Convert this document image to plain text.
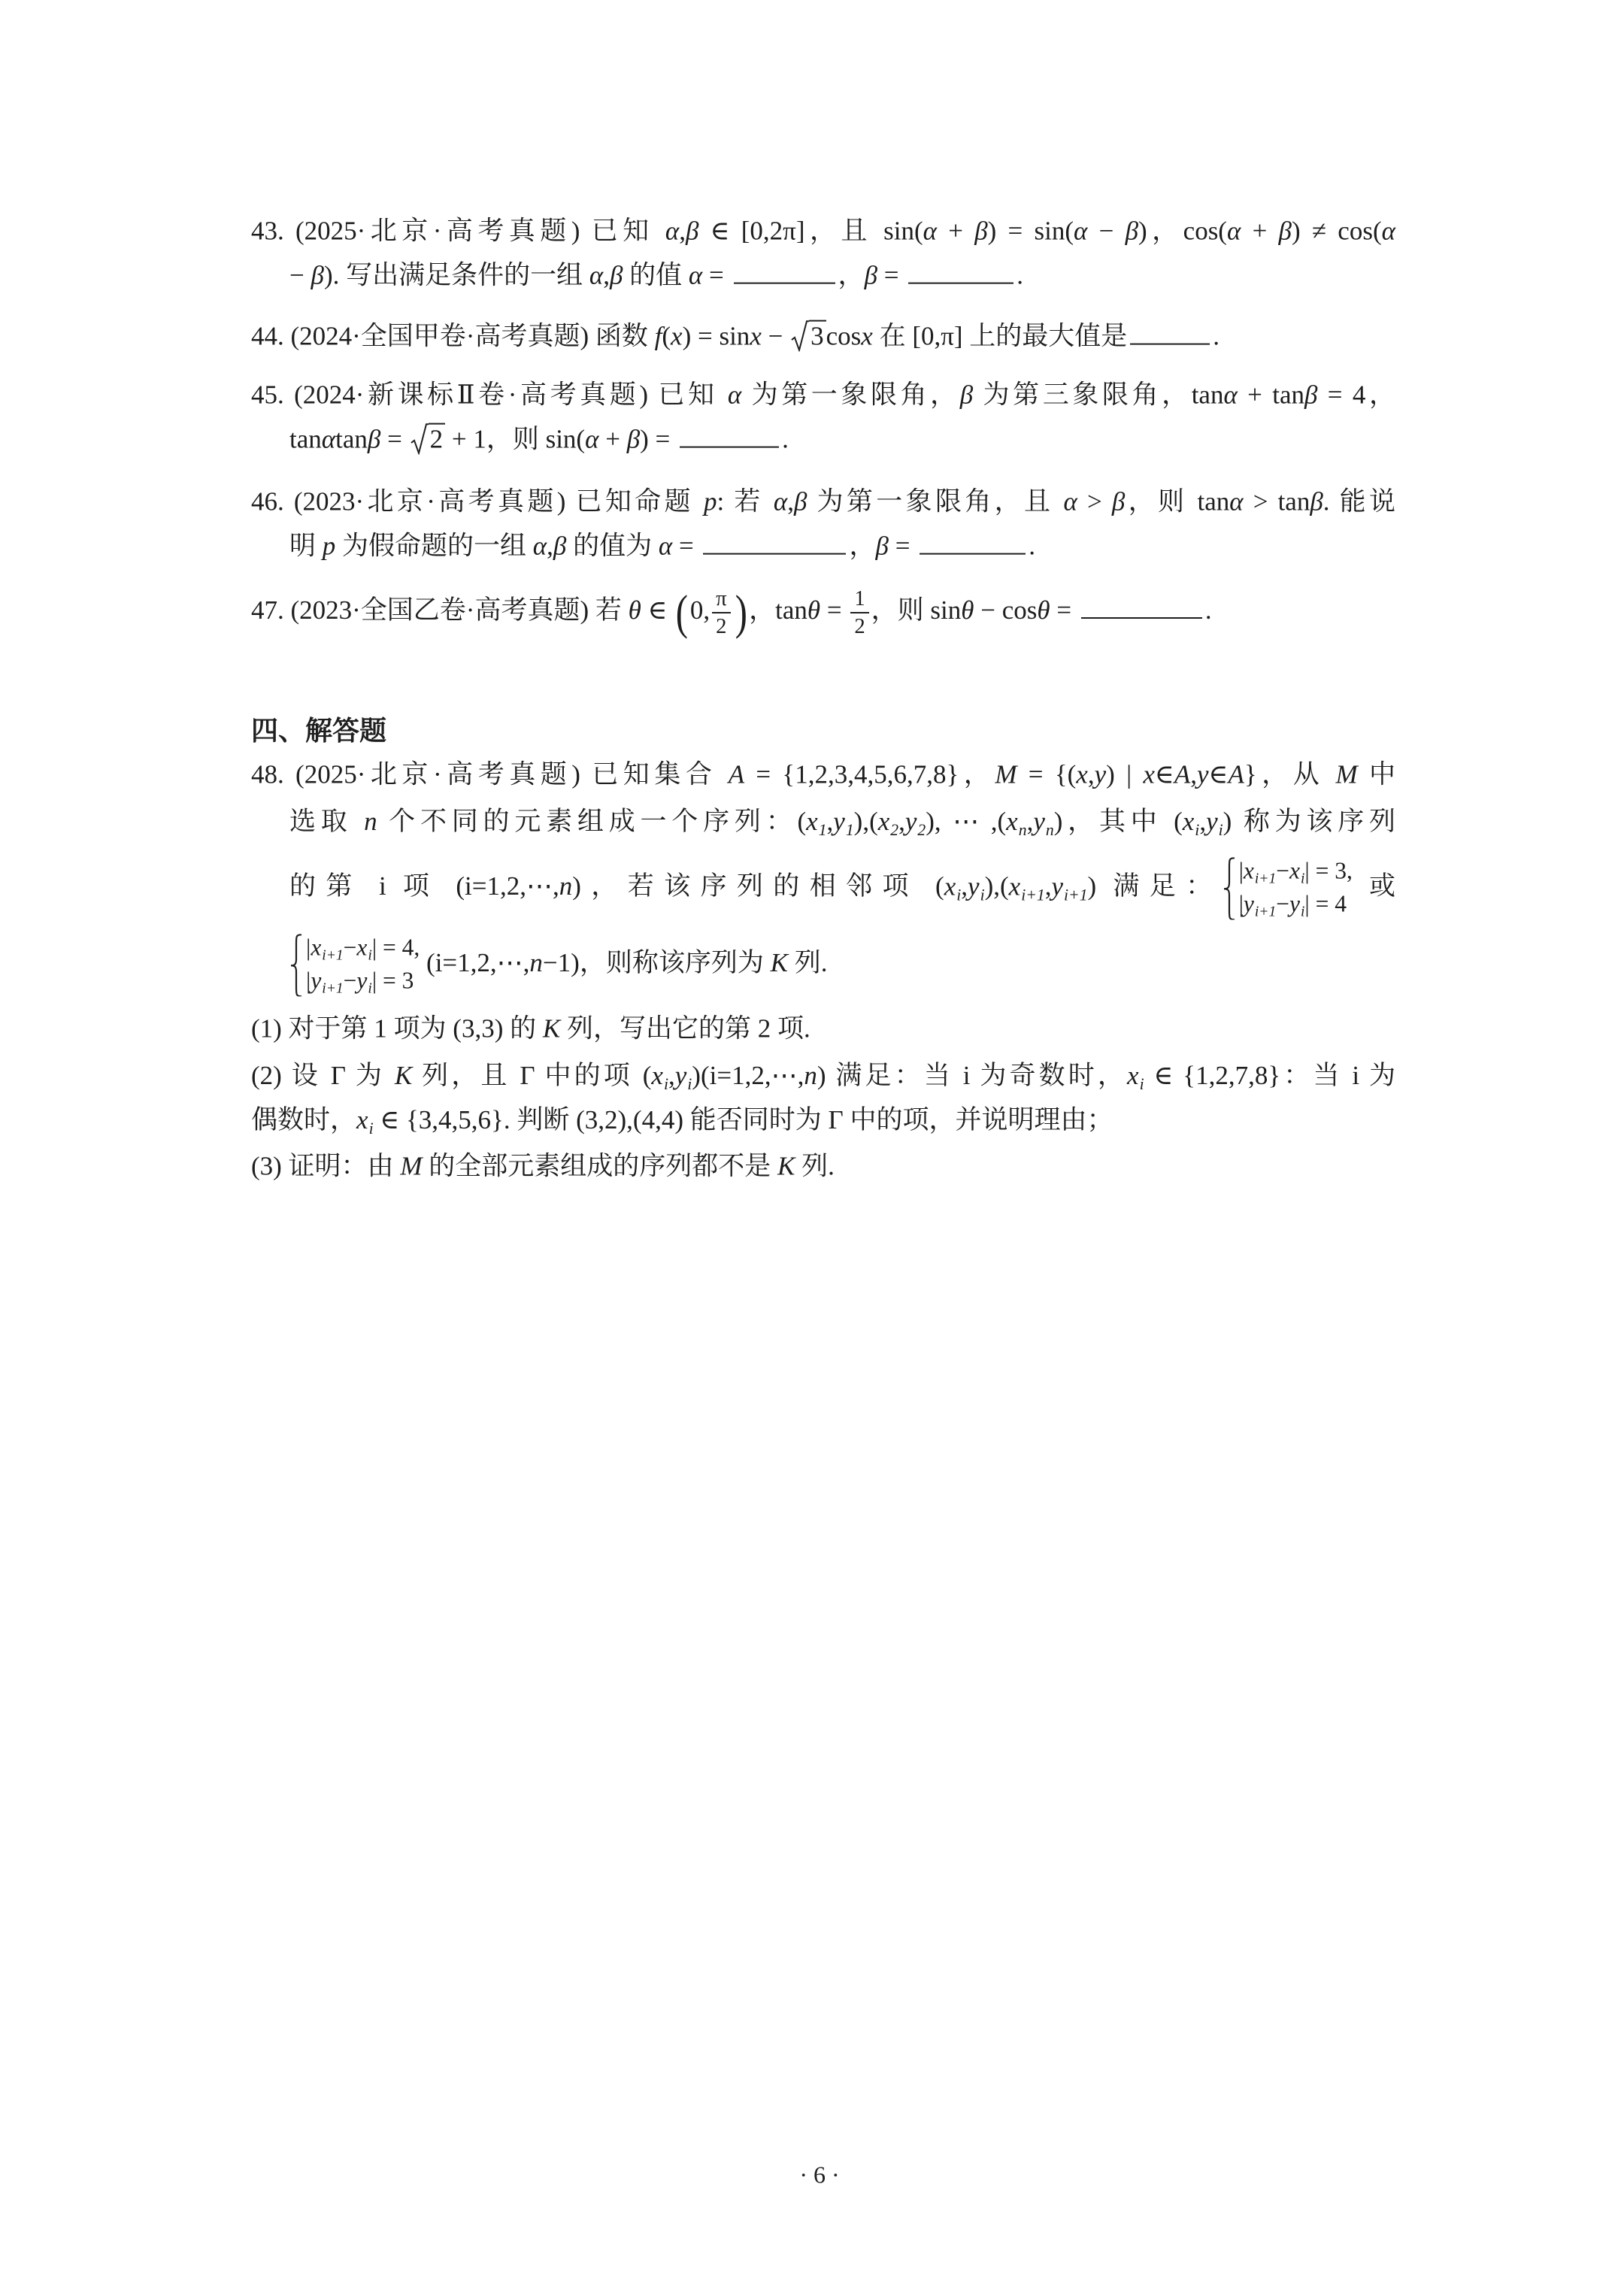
43. (2025·北京·高考真题) 已知 α,β ∈ [0,2π]，且 sin(α + β) = sin(α − β)，cos(α + β) ≠ cos(α
− β). 写出满足条件的一组 α,β 的值 α =	，β =	.
44. (2024·全国甲卷·高考真题) 函数 f(x) = sinx −
3cosx 在 [0,π] 上的最大值是	.
45. (2024·新课标Ⅱ卷·高考真题) 已知 α 为第一象限角，β 为第三象限角，tanα + tanβ = 4，
tanαtanβ =
2 + 1，则 sin(α + β) =	.
46. (2023·北京·高考真题) 已知命题 p: 若 α,β 为第一象限角，且 α > β，则 tanα > tanβ. 能说
明 p 为假命题的一组 α,β 的值为 α =	，β =	.
47. (2023·全国乙卷·高考真题) 若 θ ∈ (0, $\frac{\pi}{2}$ )，$\tan\theta = \frac{1}{2}$ ，则 sinθ − cosθ =	.
四、解答题
48. (2025·北京·高考真题) 已知集合 A = {1,2,3,4,5,6,7,8}，M = {(x,y) | x∈A,y∈A}，从 M 中
选取 n 个不同的元素组成一个序列：(x1,y1),(x2,y2), ⋯ ,(xn,yn)，其中 (xi,yi) 称为该序列
的第 i 项 (i=1,2,⋯,n)，若该序列的相邻项 (xi,yi),(xi+1,yi+1) 满足：
|xi+1−xi| = 3,
|yi+1−yi| = 4
或
|xi+1−xi| = 4,
|yi+1−yi| = 3
(i=1,2,⋯,n−1)，则称该序列为 K 列.
(1) 对于第 1 项为 (3,3) 的 K 列，写出它的第 2 项.
(2) 设 Γ 为 K 列，且 Γ 中的项 (xi,yi)(i=1,2,⋯,n) 满足：当 i 为奇数时，xi ∈ {1,2,7,8}：当 i 为
偶数时，xi ∈ {3,4,5,6}. 判断 (3,2),(4,4) 能否同时为 Γ 中的项，并说明理由；
(3) 证明：由 M 的全部元素组成的序列都不是 K 列.
· 6 ·
